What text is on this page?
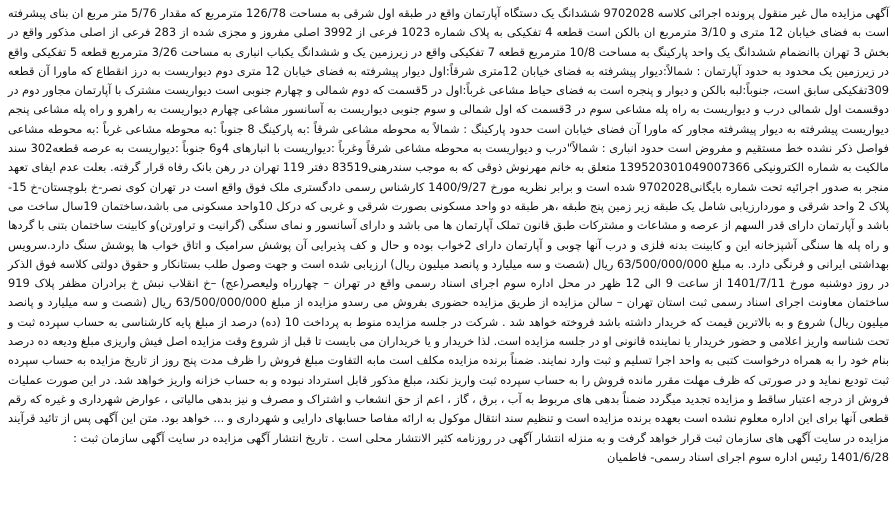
آگهی مزایده مال غیر منقول پرونده اجرائی کلاسه 9702028 ششدانگ یک دستگاه آپارتمان واقع در طبقه اول شرقی به مساحت 126/78 مترمربع که مقدار 5/76 متر مربع ان بنای پیشرفته است به فضای خیابان 12 متری و 3/10 مترمربع ان بالکن است قطعه 4 تفکیکی به پلاک شماره 1023 فرعی از 3992 اصلی مفروز و مجزی شده از 283 فرعی از اصلی مذکور واقع در بخش 3 تهران باانضمام ششدانگ یک واحد پارکینگ به مساحت 10/8 مترمربع قطعه 7 تفکیکی واقع در زیرزمین یک و ششدانگ یکباب انباری به مساحت 3/26 مترمربع قطعه 5 تفکیکی واقع در زیرزمین یک محدود به حدود آپارتمان : شمالاً:دیوار پیشرفته به فضای خیابان 12متری شرقاً:اول دیوار پیشرفته به فضای خیابان 12 متری دوم دیواریست به درز انقطاع که ماورا آن قطعه 309تفکیکی سابق است، جنوباً:لبه بالکن و دیوار و پنجره است به فضای حیاط مشاعی غرباً:اول در 5قسمت که دوم شمالی و چهارم جنوبی است دیواریست مشترک با آپارتمان مجاور دوم در دوقسمت اول شمالی درب و دیواریست به راه پله مشاعی سوم در 3قسمت که اول شمالی و سوم جنوبی دیواریست به آسانسور مشاعی چهارم دیواریست به راهرو و راه پله مشاعی پنجم دیواریست پیشرفته به دیوار پیشرفته مجاور که ماورا آن فضای خیابان است حدود پارکینگ : شمالاً به محوطه مشاعی شرقاً :به پارکینگ 8 جنوباً :به محوطه مشاعی غرباً :به محوطه مشاعی فواصل ذکر نشده خط مستقیم و مفروض است حدود انباری : شمالاً"درب و دیواریست به محوطه مشاعی شرقاً وغرباً :دیواریست با انبارهای 4و6 جنوباً :دیواریست به عرصه قطعه302 سند مالکیت به شماره الکترونیکی 139520301049007366 متعلق به خانم مهرنوش ذوقی که به موجب سندرهنی83519 دفتر 119 تهران در رهن بانک رفاه قرار گرفته. بعلت عدم ایفای تعهد منجر به صدور اجرائیه تحت شماره بایگانی9702028 شده است و برابر نظریه مورخ 1400/9/27 کارشناس رسمی دادگستری ملک فوق واقع است در تهران کوی نصر-خ بلوچستان-خ 15-پلاک 2 واحد شرقی و موردارزیابی شامل یک طبقه زیر زمین پنج طبقه ،هر طبقه دو واحد مسکونی بصورت شرقی و غربی که درکل 10واحد مسکونی می باشد،ساختمان 19سال ساخت می باشد و آپارتمان دارای قدر السهم از عرصه و مشاعات و مشترکات طبق قانون تملک آپارتمان ها می باشد و دارای آسانسور و نمای سنگی (گرانیت و تراورتن)و کابینت ساختمان بتنی با گردها و راه پله ها سنگی آشپزخانه این و کابینت بدنه فلزی و درب آنها چوبی و آپارتمان دارای 2خواب بوده و حال و کف پذیرایی آن پوشش سرامیک و اتاق خواب ها پوشش سنگ دارد.سرویس بهداشتی ایرانی و فرنگی دارد. به مبلغ 63/500/000/000 ریال (شصت و سه میلیارد و پانصد میلیون ریال) ارزیابی شده است و جهت وصول طلب بستانکار و حقوق دولتی کلاسه فوق الذکر در روز دوشنبه مورخ 1401/7/11 از ساعت 9 الی 12 ظهر در محل اداره سوم اجرای اسناد رسمی واقع در تهران – چهارراه ولیعصر(عج) –خ انقلاب نبش خ برادران مظفر پلاک 919 ساختمان معاونت اجرای اسناد رسمی ثبت استان تهران – سالن مزایده از طریق مزایده حضوری بفروش می رسدو مزایده از مبلغ 63/500/000/000 ریال (شصت و سه میلیارد و پانصد میلیون ریال) شروع و به بالاترین قیمت که خریدار داشته باشد فروخته خواهد شد . شرکت در جلسه مزایده منوط به پرداخت 10 (ده) درصد از مبلغ پایه کارشناسی به حساب سپرده ثبت و تحت شناسه واریز اعلامی و حضور خریدار یا نماینده قانونی او در جلسه مزایده است. لذا خریدار و یا خریداران می بایست تا قبل از شروع وقت مزایده اصل فیش واریزی مبلغ ودیعه ده درصد بنام خود را به همراه درخواست کتبی به واحد اجرا تسلیم و ثبت وارد نمایند. ضمناً برنده مزایده مکلف است مابه التفاوت مبلغ فروش را ظرف مدت پنج روز از تاریخ مزایده به حساب سپرده ثبت تودیع نماید و در صورتی که ظرف مهلت مقرر مانده فروش را به حساب سپرده ثبت واریز نکند، مبلغ مذکور قابل استرداد نبوده و به حساب خزانه واریز خواهد شد. در این صورت عملیات فروش از درجه اعتبار ساقط و مزایده تجدید میگردد ضمناً بدهی های مربوط به آب ، برق ، گاز ، اعم از حق انشعاب و اشتراک و مصرف و نیز بدهی مالیاتی ، عوارض شهرداری و غیره که رقم قطعی آنها برای این اداره معلوم نشده است بعهده برنده مزایده است و تنظیم سند انتقال موکول به ارائه مفاصا حسابهای دارایی و شهرداری و ... خواهد بود. متن این آگهی پس از تائید قرآیند مزایده در سایت آگهی های سازمان ثبت قرار خواهد گرفت و به منزله انتشار آگهی در روزنامه کثیر الانتشار محلی است . تاریخ انتشار آگهی مزایده در سایت آگهی سازمان ثبت :

1401/6/28 رئیس اداره سوم اجرای اسناد رسمی- فاطمیان
